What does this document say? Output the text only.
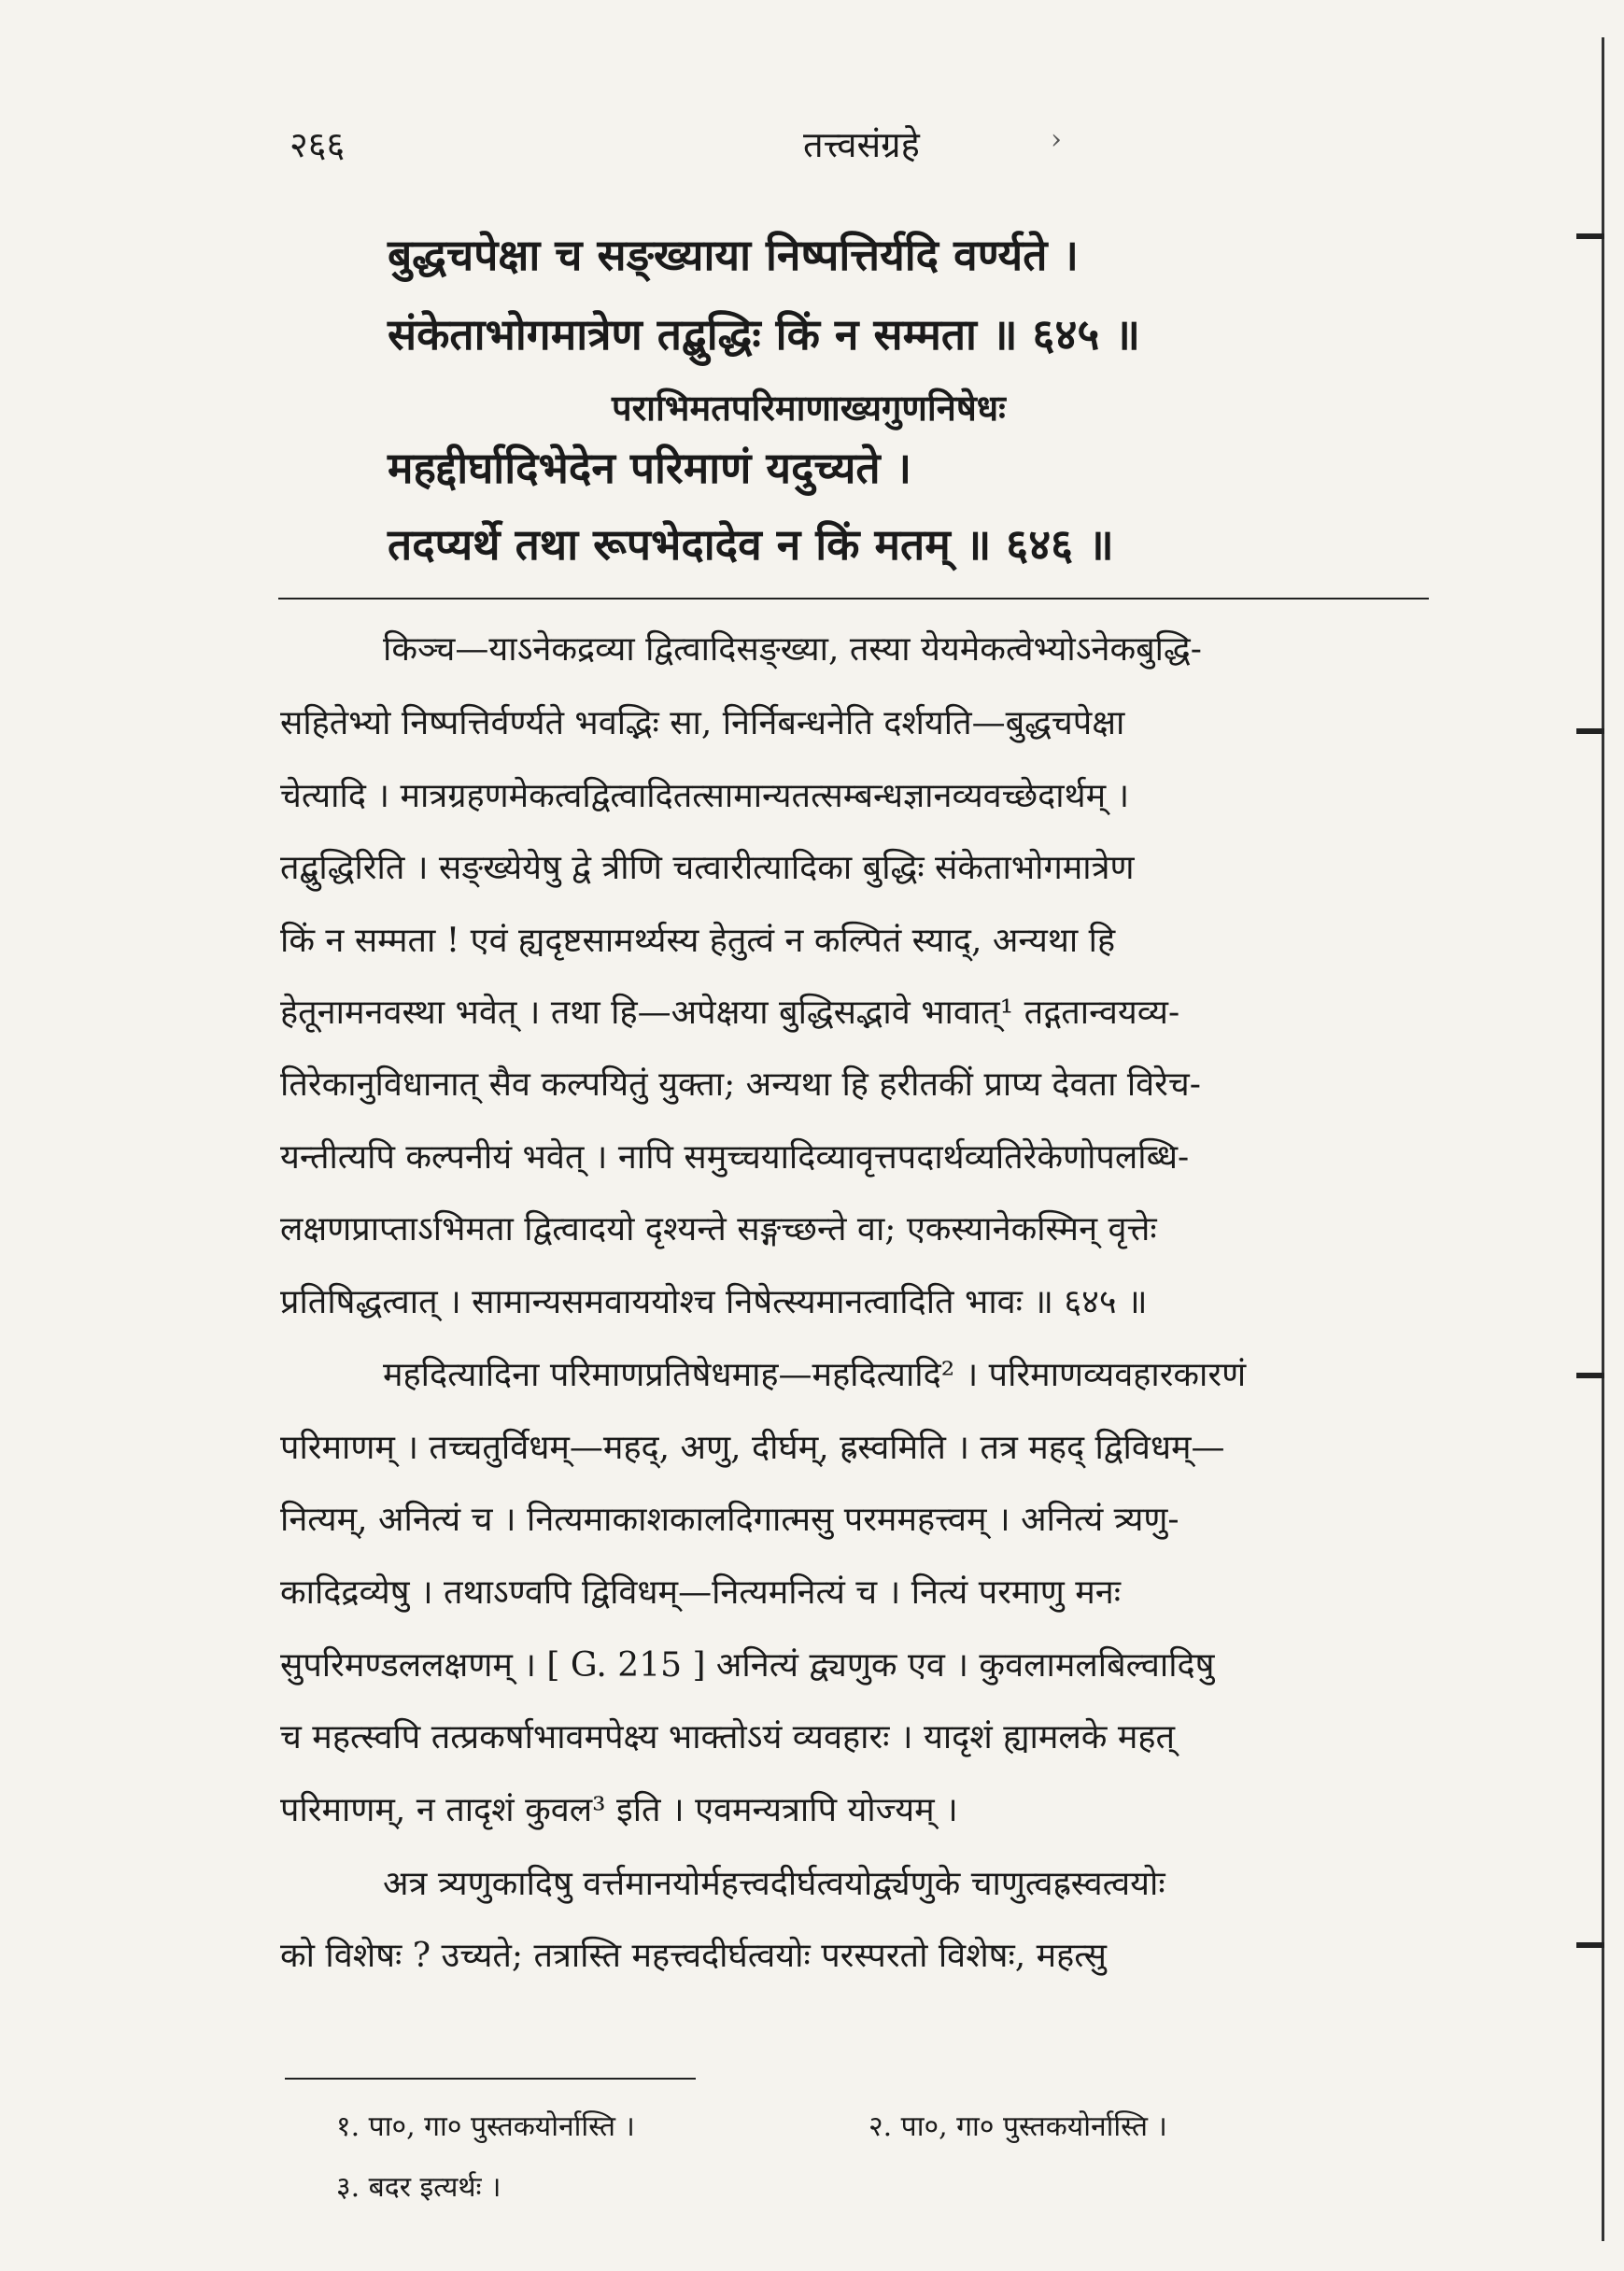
२६६	तत्त्वसंग्रहे	›
बुद्धचपेक्षा च सङ्ख्याया निष्पत्तिर्यदि वर्ण्यते ।
संकेताभोगमात्रेण तद्बुद्धिः किं न सम्मता ॥ ६४५ ॥
पराभिमतपरिमाणाख्यगुणनिषेधः
महद्दीर्घादिभेदेन परिमाणं यदुच्यते ।
तदप्यर्थे तथा रूपभेदादेव न किं मतम् ॥ ६४६ ॥
किञ्च—याऽनेकद्रव्या द्वित्वादिसङ्ख्या, तस्या येयमेकत्वेभ्योऽनेकबुद्धि-
सहितेभ्यो निष्पत्तिर्वर्ण्यते भवद्भिः सा, निर्निबन्धनेति दर्शयति—बुद्धचपेक्षा
चेत्यादि । मात्रग्रहणमेकत्वद्वित्वादितत्सामान्यतत्सम्बन्धज्ञानव्यवच्छेदार्थम् ।
तद्बुद्धिरिति । सङ्ख्येयेषु द्वे त्रीणि चत्वारीत्यादिका बुद्धिः संकेताभोगमात्रेण
किं न सम्मता ! एवं ह्यदृष्टसामर्थ्यस्य हेतुत्वं न कल्पितं स्याद्, अन्यथा हि
हेतूनामनवस्था भवेत् । तथा हि—अपेक्षया बुद्धिसद्भावे भावात्¹ तद्गतान्वयव्य-
तिरेकानुविधानात् सैव कल्पयितुं युक्ता; अन्यथा हि हरीतकीं प्राप्य देवता विरेच-
यन्तीत्यपि कल्पनीयं भवेत् । नापि समुच्चयादिव्यावृत्तपदार्थव्यतिरेकेणोपलब्धि-
लक्षणप्राप्ताऽभिमता द्वित्वादयो दृश्यन्ते सङ्गच्छन्ते वा; एकस्यानेकस्मिन् वृत्तेः
प्रतिषिद्धत्वात् । सामान्यसमवाययोश्च निषेत्स्यमानत्वादिति भावः ॥ ६४५ ॥
महदित्यादिना परिमाणप्रतिषेधमाह—महदित्यादि² । परिमाणव्यवहारकारणं
परिमाणम् । तच्चतुर्विधम्—महद्, अणु, दीर्घम्, ह्रस्वमिति । तत्र महद् द्विविधम्—
नित्यम्, अनित्यं च । नित्यमाकाशकालदिगात्मसु परममहत्त्वम् । अनित्यं त्र्यणु-
कादिद्रव्येषु । तथाऽण्वपि द्विविधम्—नित्यमनित्यं च । नित्यं परमाणु मनः
सुपरिमण्डललक्षणम् । [ G. 215 ] अनित्यं द्व्यणुक एव । कुवलामलबिल्वादिषु
च महत्स्वपि तत्प्रकर्षाभावमपेक्ष्य भाक्तोऽयं व्यवहारः । यादृशं ह्यामलके महत्
परिमाणम्, न तादृशं कुवल³ इति । एवमन्यत्रापि योज्यम् ।
अत्र त्र्यणुकादिषु वर्त्तमानयोर्महत्त्वदीर्घत्वयोर्द्व्यणुके चाणुत्वह्रस्वत्वयोः
को विशेषः ? उच्यते; तत्रास्ति महत्त्वदीर्घत्वयोः परस्परतो विशेषः, महत्सु
१. पा०, गा० पुस्तकयोर्नास्ति ।	२. पा०, गा० पुस्तकयोर्नास्ति ।
३. बदर इत्यर्थः ।
